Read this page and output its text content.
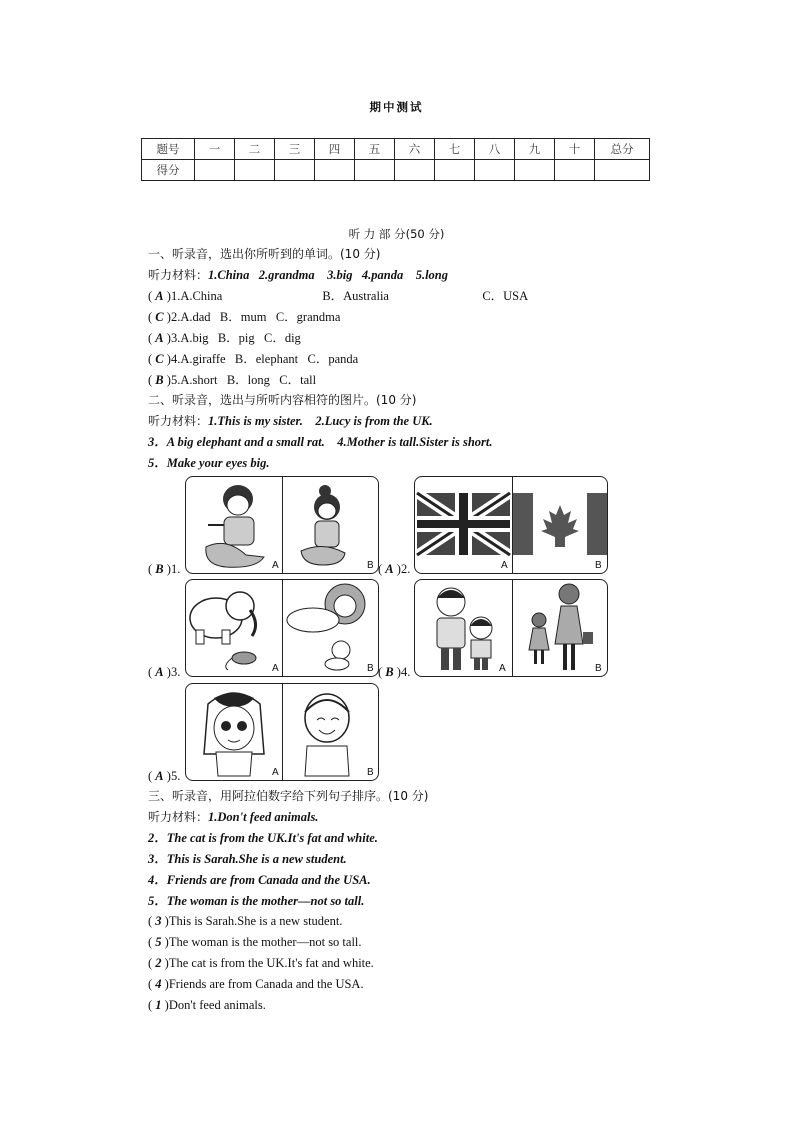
期中测试
题号	一	二	三	四	五	六	七	八	九	十	总分
得分											
听 力 部 分(50 分)
一、听录音，选出你所听到的单词。(10 分)
听力材料：1.China   2.grandma    3.big   4.panda    5.long
( A )1.A.China	B．Australia	C．USA
( C )2.A.dad B．mum C．grandma
( A )3.A.big B．pig C．dig
( C )4.A.giraffe B．elephant C．panda
( B )5.A.short B．long C．tall
二、听录音，选出与所听内容相符的图片。(10 分)
听力材料：1.This is my sister.    2.Lucy is from the UK.
3．A big elephant and a small rat.    4.Mother is tall.Sister is short.
5．Make your eyes big.
A	B
( B )1.	A	B
( A )2.
A	B
( A )3.	A	B
( B )4.
A	B
( A )5.
三、听录音，用阿拉伯数字给下列句子排序。(10 分)
听力材料：1.Don't feed animals.
2．The cat is from the UK.It's fat and white.
3．This is Sarah.She is a new student.
4．Friends are from Canada and the USA.
5．The woman is the mother—not so tall.
( 3 )This is Sarah.She is a new student.
( 5 )The woman is the mother—not so tall.
( 2 )The cat is from the UK.It's fat and white.
( 4 )Friends are from Canada and the USA.
( 1 )Don't feed animals.
